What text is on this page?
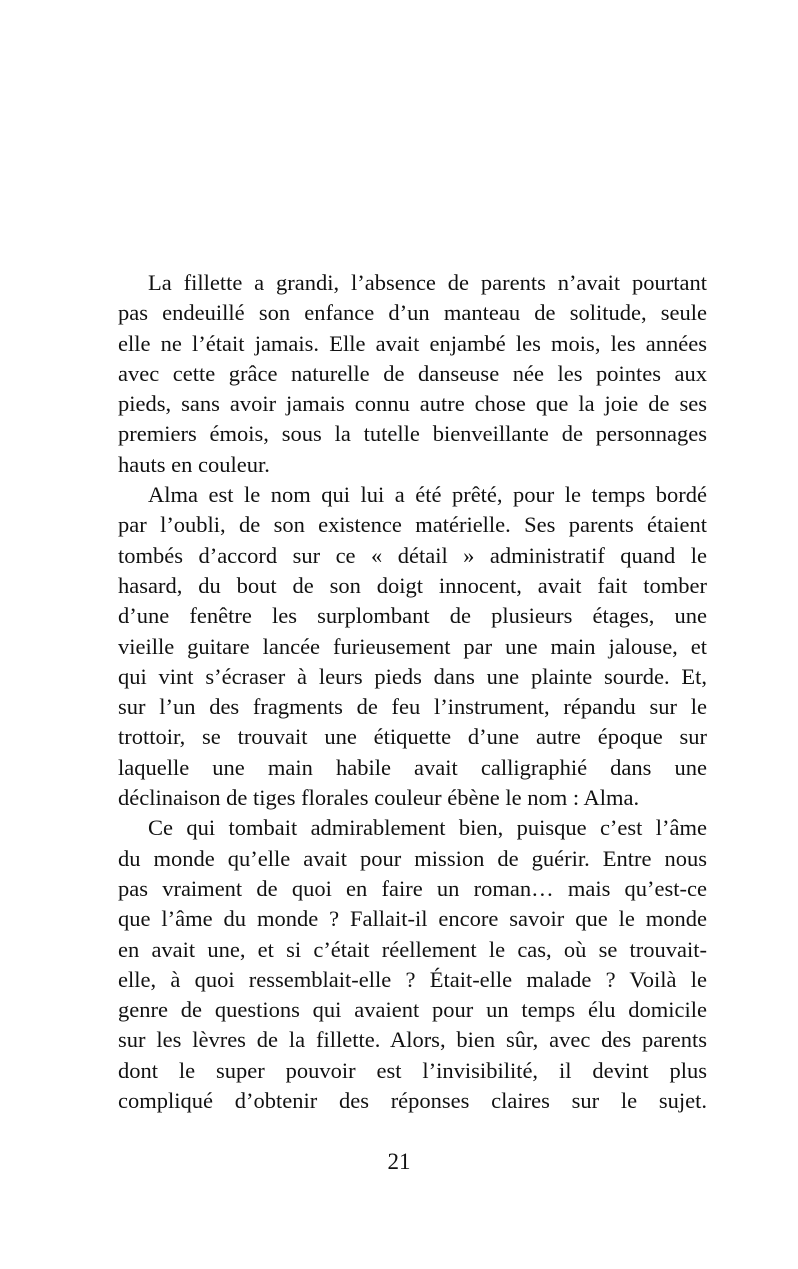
La fillette a grandi, l’absence de parents n’avait pourtant
pas endeuillé son enfance d’un manteau de solitude, seule
elle ne l’était jamais. Elle avait enjambé les mois, les années
avec cette grâce naturelle de danseuse née les pointes aux
pieds, sans avoir jamais connu autre chose que la joie de ses
premiers émois, sous la tutelle bienveillante de personnages
hauts en couleur.
Alma est le nom qui lui a été prêté, pour le temps bordé
par l’oubli, de son existence matérielle. Ses parents étaient
tombés d’accord sur ce « détail » administratif quand le
hasard, du bout de son doigt innocent, avait fait tomber
d’une fenêtre les surplombant de plusieurs étages, une
vieille guitare lancée furieusement par une main jalouse, et
qui vint s’écraser à leurs pieds dans une plainte sourde. Et,
sur l’un des fragments de feu l’instrument, répandu sur le
trottoir, se trouvait une étiquette d’une autre époque sur
laquelle une main habile avait calligraphié dans une
déclinaison de tiges florales couleur ébène le nom : Alma.
Ce qui tombait admirablement bien, puisque c’est l’âme
du monde qu’elle avait pour mission de guérir. Entre nous
pas vraiment de quoi en faire un roman… mais qu’est-ce
que l’âme du monde ? Fallait-il encore savoir que le monde
en avait une, et si c’était réellement le cas, où se trouvait-
elle, à quoi ressemblait-elle ? Était-elle malade ? Voilà le
genre de questions qui avaient pour un temps élu domicile
sur les lèvres de la fillette. Alors, bien sûr, avec des parents
dont le super pouvoir est l’invisibilité, il devint plus
compliqué d’obtenir des réponses claires sur le sujet.
21
